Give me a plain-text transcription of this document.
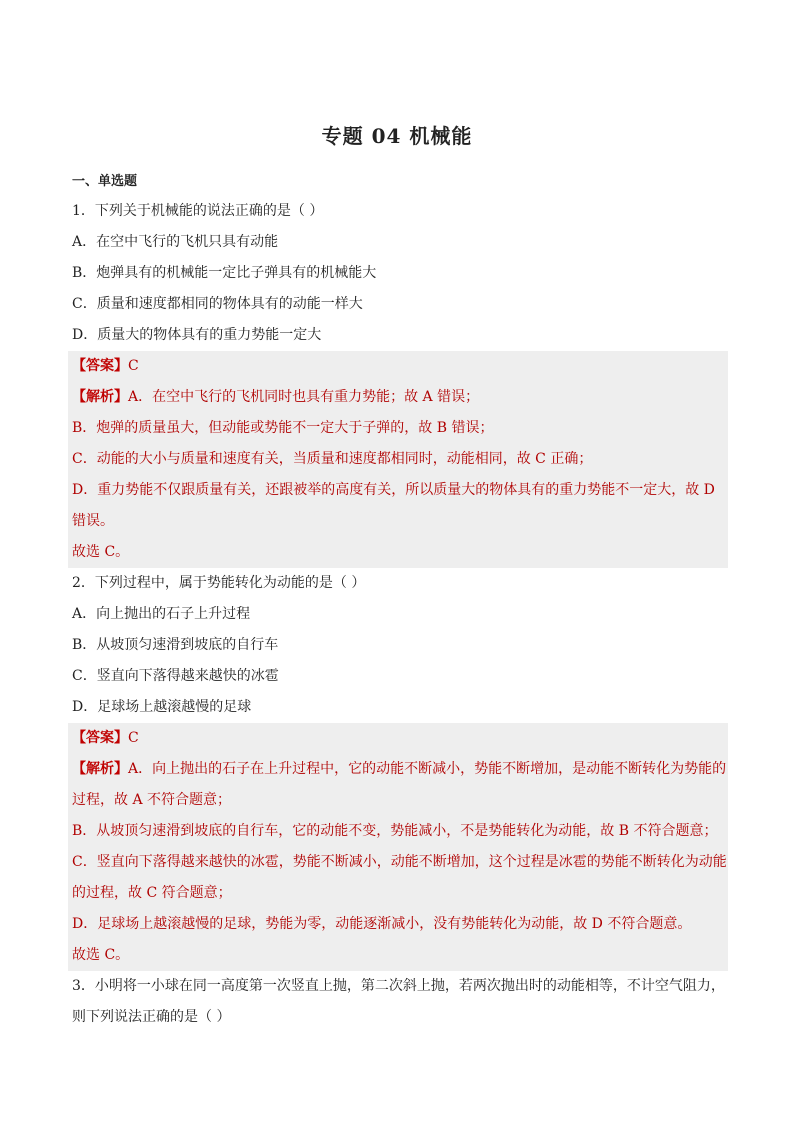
专题 04 机械能
一、单选题
1．下列关于机械能的说法正确的是（ ）
A．在空中飞行的飞机只具有动能
B．炮弹具有的机械能一定比子弹具有的机械能大
C．质量和速度都相同的物体具有的动能一样大
D．质量大的物体具有的重力势能一定大
【答案】C
【解析】A．在空中飞行的飞机同时也具有重力势能；故 A 错误；
B．炮弹的质量虽大，但动能或势能不一定大于子弹的，故 B 错误；
C．动能的大小与质量和速度有关，当质量和速度都相同时，动能相同，故 C 正确；
D．重力势能不仅跟质量有关，还跟被举的高度有关，所以质量大的物体具有的重力势能不一定大，故 D
错误。
故选 C。
2．下列过程中，属于势能转化为动能的是（ ）
A．向上抛出的石子上升过程
B．从坡顶匀速滑到坡底的自行车
C．竖直向下落得越来越快的冰雹
D．足球场上越滚越慢的足球
【答案】C
【解析】A．向上抛出的石子在上升过程中，它的动能不断减小，势能不断增加，是动能不断转化为势能的
过程，故 A 不符合题意；
B．从坡顶匀速滑到坡底的自行车，它的动能不变，势能减小，不是势能转化为动能，故 B 不符合题意；
C．竖直向下落得越来越快的冰雹，势能不断减小，动能不断增加，这个过程是冰雹的势能不断转化为动能
的过程，故 C 符合题意；
D．足球场上越滚越慢的足球，势能为零，动能逐渐减小，没有势能转化为动能，故 D 不符合题意。
故选 C。
3．小明将一小球在同一高度第一次竖直上抛，第二次斜上抛，若两次抛出时的动能相等，不计空气阻力，
则下列说法正确的是（ ）
